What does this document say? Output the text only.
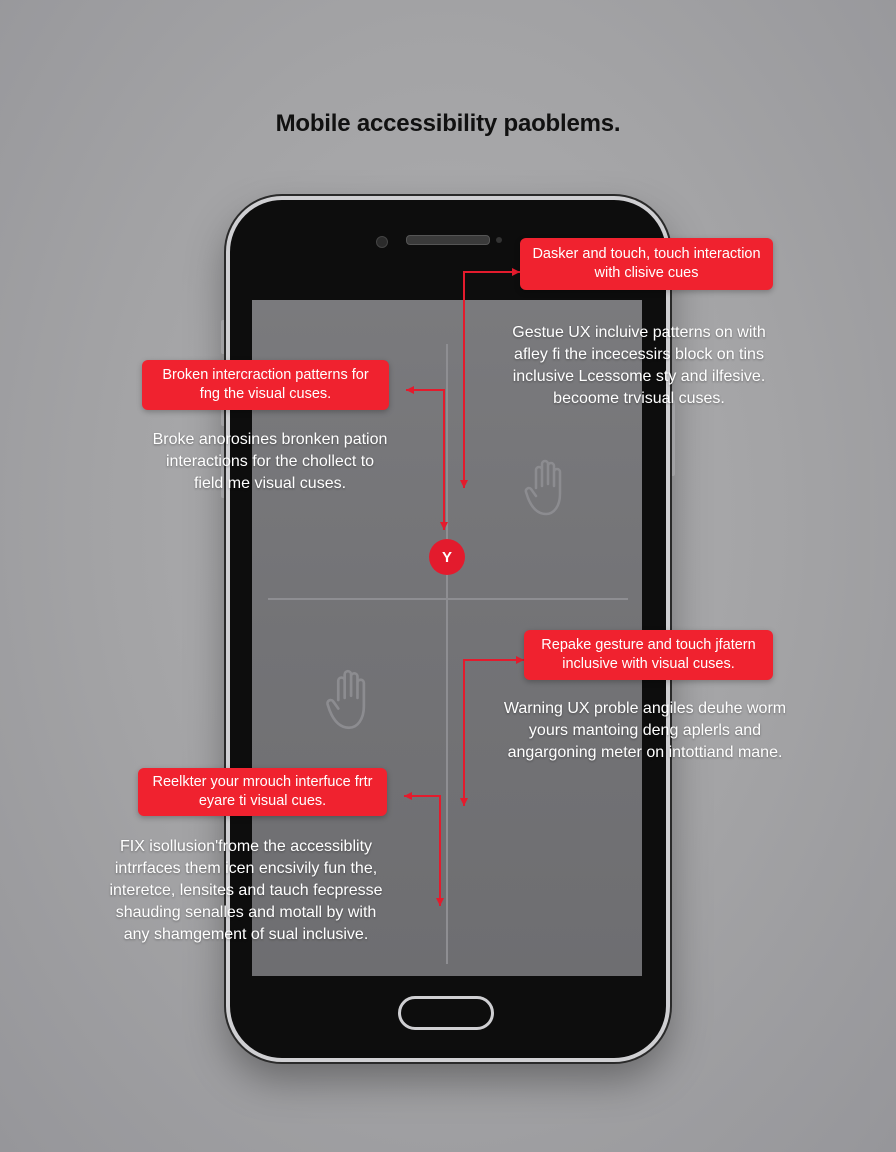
Mobile accessibility paoblems.
Y
Dasker and touch, touch interaction with clisive cues
Broken intercraction patterns for fng the visual cuses.
Repake gesture and touch jfatern inclusive with visual cuses.
Reelkter your mrouch interfuce frtr eyare ti visual cues.
Gestue UX incluive patterns on with
afley fi the incecessirs block on tins
inclusive Lcessome sty and ilfesive.
becoome trvisual cuses.
Broke anorosines bronken pation
interactions for the chollect to
field me visual cuses.
Warning UX proble angiles deuhe worm
yours mantoing deng aplerls and
angargoning meter on intottiand mane.
FIX isollusion'frome the accessiblity
intrrfaces them icen encsivily fun the,
interetce, lensites and tauch fecpresse
shauding senalles and motall by with
any shamgement of sual inclusive.
